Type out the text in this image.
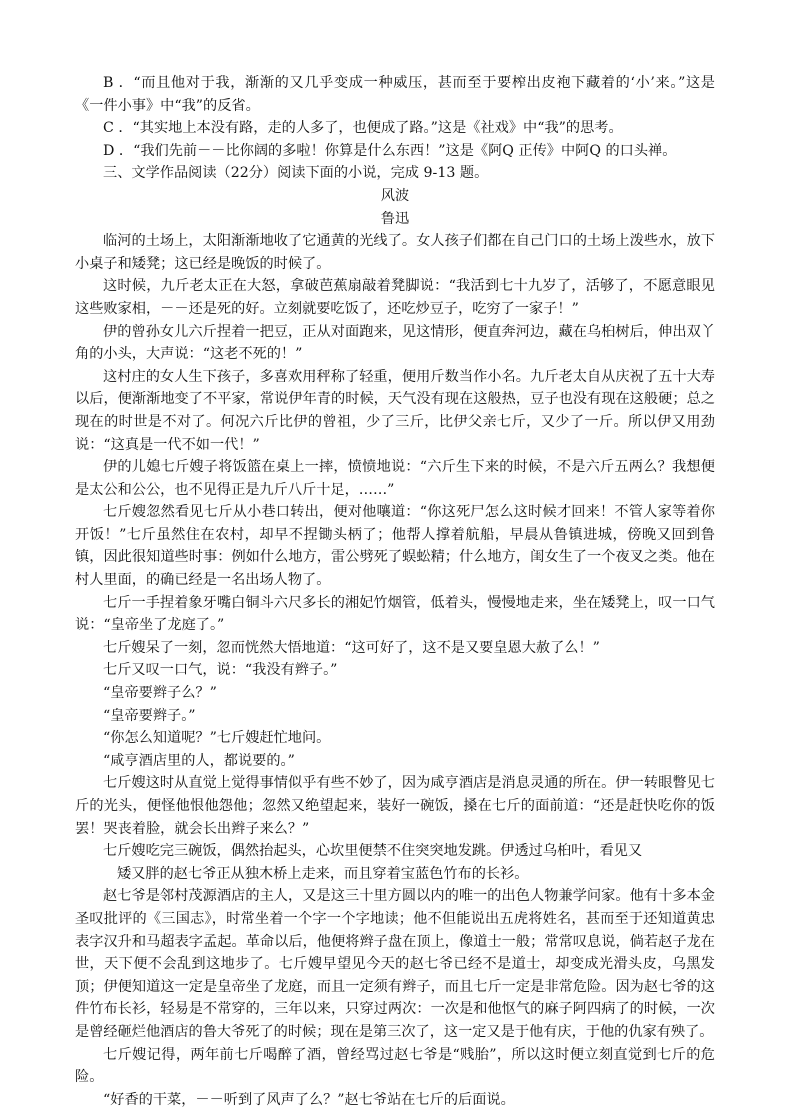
B ．“而且他对于我，渐渐的又几乎变成一种威压，甚而至于要榨出皮袍下藏着的‘小’来。”这是《一件小事》中“我”的反省。

C ．“其实地上本没有路，走的人多了，也便成了路。”这是《社戏》中“我”的思考。

D ．“我们先前－－比你阔的多啦！你算是什么东西！”这是《阿Q 正传》中阿Q 的口头禅。

三、文学作品阅读（22分）阅读下面的小说，完成 9-13 题。

风波

鲁迅

临河的土场上，太阳渐渐地收了它通黄的光线了。女人孩子们都在自己门口的土场上泼些水，放下小桌子和矮凳；这已经是晚饭的时候了。

这时候，九斤老太正在大怒，拿破芭蕉扇敲着凳脚说：“我活到七十九岁了，活够了，不愿意眼见这些败家相，－－还是死的好。立刻就要吃饭了，还吃炒豆子，吃穷了一家子！”

伊的曾孙女儿六斤捏着一把豆，正从对面跑来，见这情形，便直奔河边，藏在乌桕树后，伸出双丫角的小头，大声说：“这老不死的！”

这村庄的女人生下孩子，多喜欢用秤称了轻重，便用斤数当作小名。九斤老太自从庆祝了五十大寿以后，便渐渐地变了不平家，常说伊年青的时候，天气没有现在这般热，豆子也没有现在这般硬；总之现在的时世是不对了。何况六斤比伊的曾祖，少了三斤，比伊父亲七斤，又少了一斤。所以伊又用劲说：“这真是一代不如一代！”

伊的儿媳七斤嫂子将饭篮在桌上一摔，愤愤地说：“六斤生下来的时候，不是六斤五两么？我想便是太公和公公，也不见得正是九斤八斤十足，……”

七斤嫂忽然看见七斤从小巷口转出，便对他嚷道：“你这死尸怎么这时候才回来！不管人家等着你开饭！”七斤虽然住在农村，却早不捏锄头柄了；他帮人撑着航船，早晨从鲁镇进城，傍晚又回到鲁镇，因此很知道些时事：例如什么地方，雷公劈死了蜈蚣精；什么地方，闺女生了一个夜叉之类。他在村人里面，的确已经是一名出场人物了。

七斤一手捏着象牙嘴白铜斗六尺多长的湘妃竹烟管，低着头，慢慢地走来，坐在矮凳上，叹一口气说：“皇帝坐了龙庭了。”

七斤嫂呆了一刻，忽而恍然大悟地道：“这可好了，这不是又要皇恩大赦了么！”

七斤又叹一口气，说：“我没有辫子。”

“皇帝要辫子么？”

“皇帝要辫子。”

“你怎么知道呢？”七斤嫂赶忙地问。

“咸亨酒店里的人，都说要的。”

七斤嫂这时从直觉上觉得事情似乎有些不妙了，因为咸亨酒店是消息灵通的所在。伊一转眼瞥见七斤的光头，便怪他恨他怨他；忽然又绝望起来，装好一碗饭，搡在七斤的面前道：“还是赶快吃你的饭罢！哭丧着脸，就会长出辫子来么？”

七斤嫂吃完三碗饭，偶然抬起头，心坎里便禁不住突突地发跳。伊透过乌桕叶，看见又

矮又胖的赵七爷正从独木桥上走来，而且穿着宝蓝色竹布的长衫。

赵七爷是邻村茂源酒店的主人，又是这三十里方圆以内的唯一的出色人物兼学问家。他有十多本金圣叹批评的《三国志》，时常坐着一个字一个字地读；他不但能说出五虎将姓名，甚而至于还知道黄忠表字汉升和马超表字孟起。革命以后，他便将辫子盘在顶上，像道士一般；常常叹息说，倘若赵子龙在世，天下便不会乱到这地步了。七斤嫂早望见今天的赵七爷已经不是道士，却变成光滑头皮，乌黑发顶；伊便知道这一定是皇帝坐了龙庭，而且一定须有辫子，而且七斤一定是非常危险。因为赵七爷的这件竹布长衫，轻易是不常穿的，三年以来，只穿过两次：一次是和他怄气的麻子阿四病了的时候，一次是曾经砸烂他酒店的鲁大爷死了的时候；现在是第三次了，这一定又是于他有庆，于他的仇家有殃了。

七斤嫂记得，两年前七斤喝醉了酒，曾经骂过赵七爷是“贱胎”，所以这时便立刻直觉到七斤的危险。

“好香的干菜，－－听到了风声了么？”赵七爷站在七斤的后面说。
